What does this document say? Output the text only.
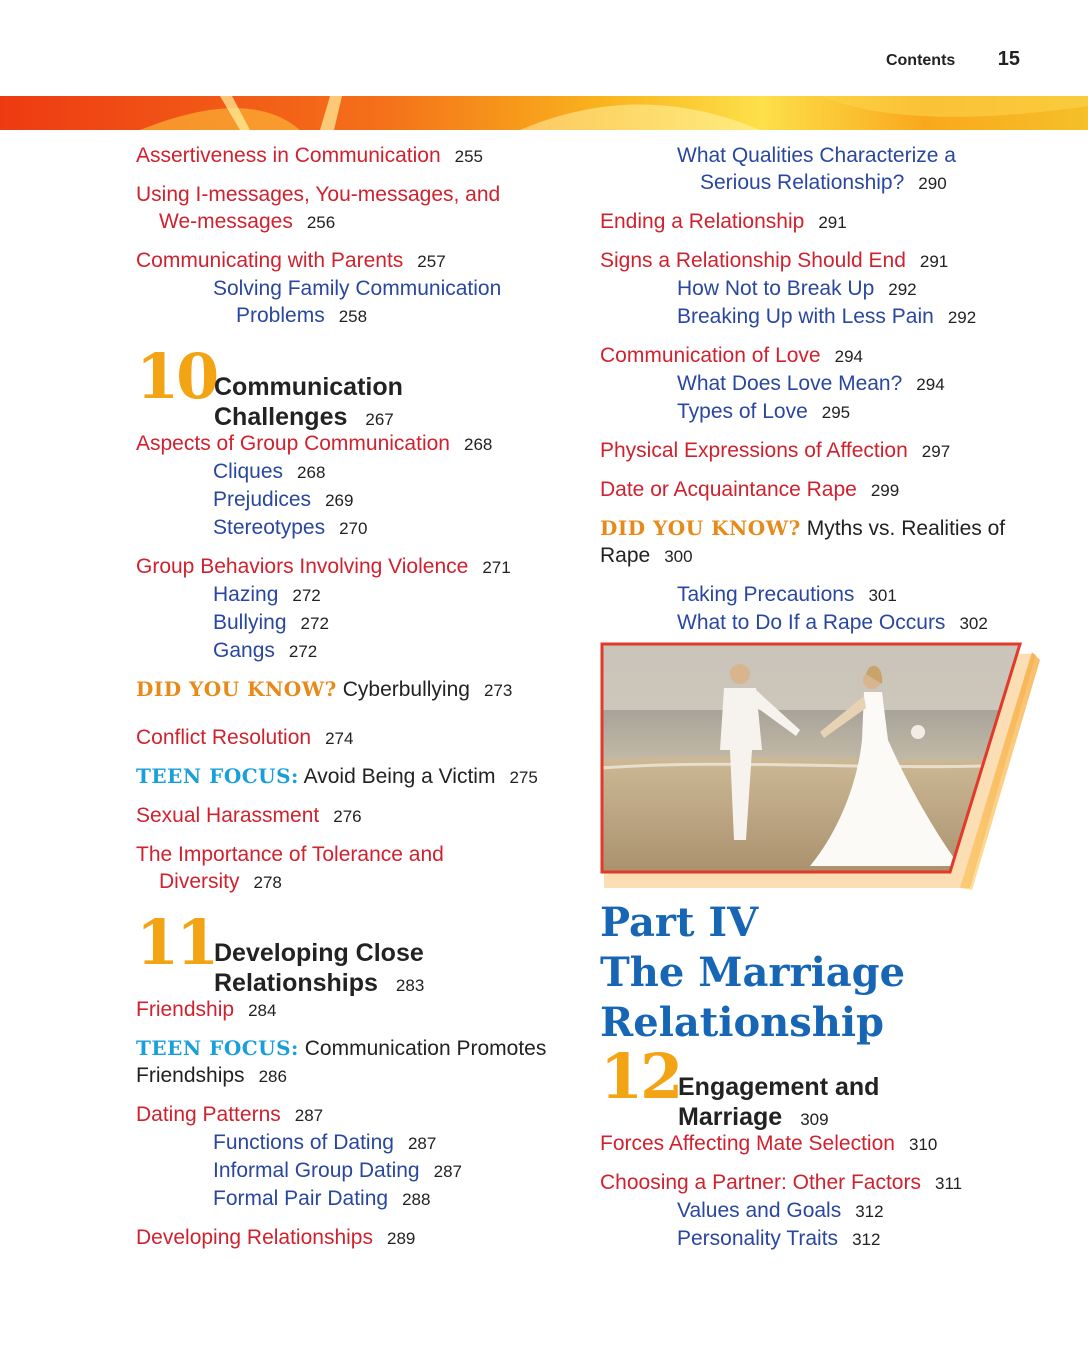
Contents 15

Assertiveness in Communication 255

Using I-messages, You-messages, and
We-messages 256

Communicating with Parents 257

Solving Family Communication
Problems 258

10
Communication
Challenges 267

Aspects of Group Communication 268

Cliques 268

Prejudices 269

Stereotypes 270

Group Behaviors Involving Violence 271

Hazing 272

Bullying 272

Gangs 272

DID YOU KNOW? Cyberbullying 273

Conflict Resolution 274

TEEN FOCUS: Avoid Being a Victim 275

Sexual Harassment 276

The Importance of Tolerance and
Diversity 278

11
Developing Close
Relationships 283

Friendship 284

TEEN FOCUS: Communication Promotes
Friendships 286

Dating Patterns 287

Functions of Dating 287

Informal Group Dating 287

Formal Pair Dating 288

Developing Relationships 289

What Qualities Characterize a
Serious Relationship? 290

Ending a Relationship 291

Signs a Relationship Should End 291

How Not to Break Up 292

Breaking Up with Less Pain 292

Communication of Love 294

What Does Love Mean? 294

Types of Love 295

Physical Expressions of Affection 297

Date or Acquaintance Rape 299

DID YOU KNOW? Myths vs. Realities of
Rape 300

Taking Precautions 301

What to Do If a Rape Occurs 302

Part IV
The Marriage
Relationship
12
Engagement and
Marriage 309

Forces Affecting Mate Selection 310

Choosing a Partner: Other Factors 311

Values and Goals 312

Personality Traits 312
